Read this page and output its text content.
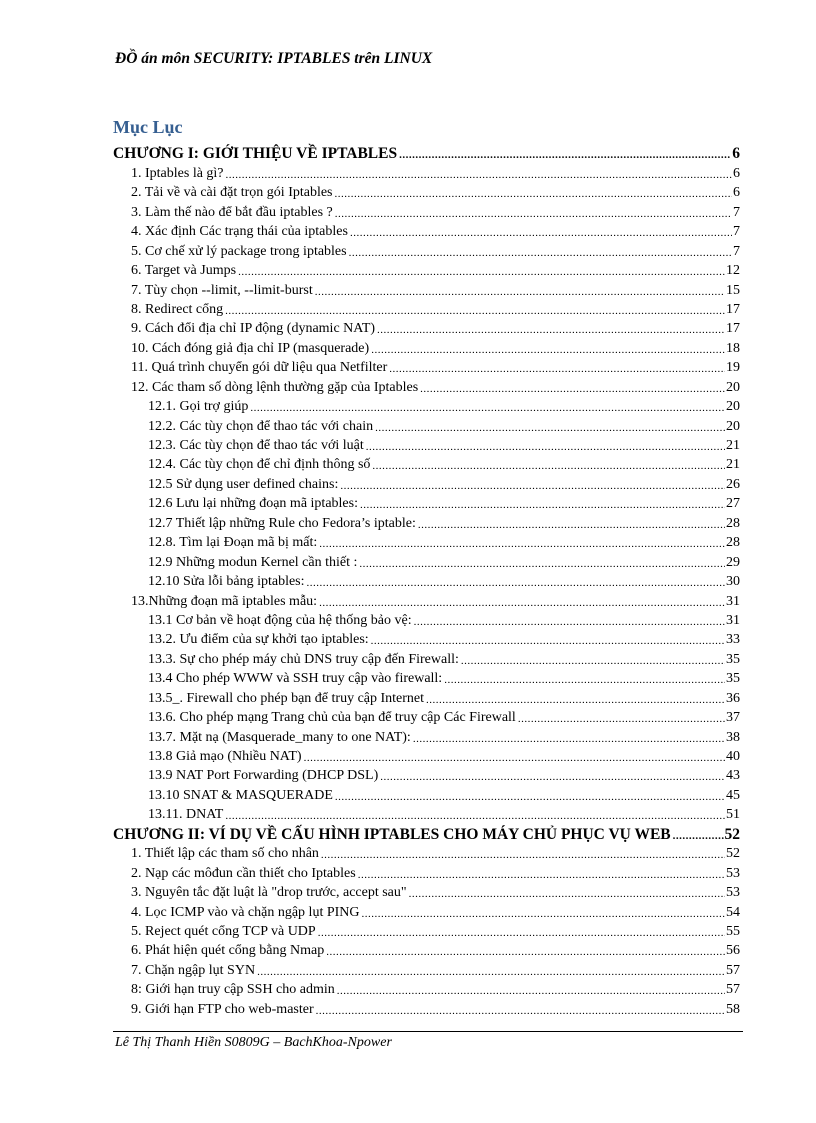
ĐỒ án môn SECURITY: IPTABLES trên LINUX
Mục Lục
CHƯƠNG I: GIỚI THIỆU VỀ IPTABLES .....	6
1. Iptables là gì? .....	6
2. Tải về và cài đặt trọn gói Iptables .....	6
3. Làm thế nào để bắt đầu iptables ? .....	7
4. Xác định Các trạng thái của iptables .....	7
5. Cơ chế xử lý package trong iptables .....	7
6. Target và Jumps .....	12
7. Tùy chọn --limit, --limit-burst .....	15
8. Redirect cổng .....	17
9. Cách đổi địa chỉ IP động (dynamic NAT) .....	17
10. Cách đóng giả địa chỉ IP (masquerade) .....	18
11. Quá trình chuyển gói dữ liệu qua Netfilter .....	19
12. Các tham số dòng lệnh thường gặp của Iptables .....	20
12.1. Gọi trợ giúp .....	20
12.2. Các tùy chọn để thao tác với chain .....	20
12.3. Các tùy chọn để thao tác với luật .....	21
12.4. Các tùy chọn để chỉ định thông số .....	21
12.5 Sử dụng user defined chains: .....	26
12.6 Lưu lại những đoạn mã iptables: .....	27
12.7 Thiết lập những Rule cho Fedora’s iptable: .....	28
12.8. Tìm lại Đoạn mã bị mất: .....	28
12.9 Những modun Kernel cần thiết : .....	29
12.10 Sửa lỗi bảng iptables: .....	30
13.Những đoạn mã iptables mẫu: .....	31
13.1 Cơ bản về hoạt động của hệ thống bảo vệ: .....	31
13.2. Ưu điểm của sự khởi tạo iptables: .....	33
13.3. Sự cho phép máy chủ DNS truy cập đến Firewall: .....	35
13.4 Cho phép WWW và SSH truy cập vào firewall: .....	35
13.5_. Firewall cho phép bạn để truy cập Internet .....	36
13.6. Cho phép mạng Trang chủ của bạn để truy cập Các Firewall .....	37
13.7. Mặt nạ (Masquerade_many to one NAT): .....	38
13.8 Giả mạo (Nhiều NAT) .....	40
13.9 NAT Port Forwarding (DHCP DSL) .....	43
13.10 SNAT & MASQUERADE .....	45
13.11. DNAT .....	51
CHƯƠNG II: VÍ DỤ VỀ CẤU HÌNH IPTABLES CHO MÁY CHỦ PHỤC VỤ WEB .....	52
1. Thiết lập các tham số cho nhân .....	52
2. Nạp các môđun cần thiết cho Iptables .....	53
3. Nguyên tắc đặt luật là "drop trước, accept sau" .....	53
4. Lọc ICMP vào và chặn ngập lụt PING .....	54
5. Reject quét cổng TCP và UDP .....	55
6. Phát hiện quét cổng bằng Nmap .....	56
7. Chặn ngập lụt SYN .....	57
8: Giới hạn truy cập SSH cho admin .....	57
9. Giới hạn FTP cho web-master .....	58
Lê Thị Thanh Hiền S0809G – BachKhoa-Npower
